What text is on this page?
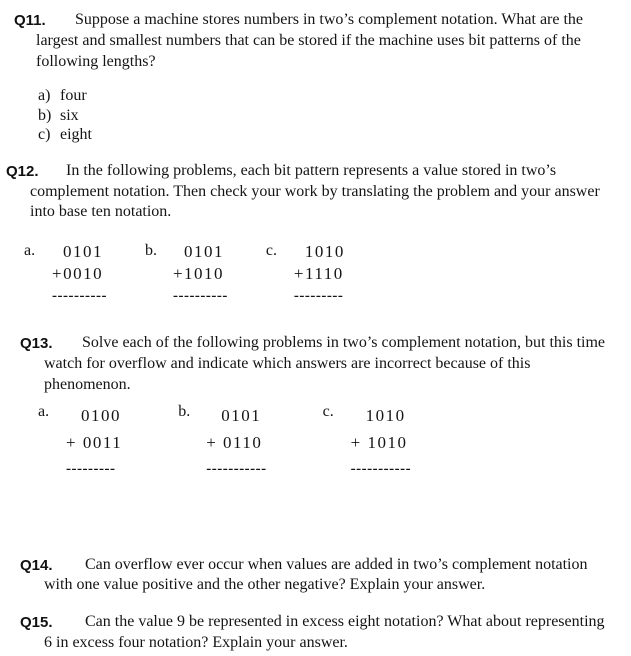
Q11.	Suppose a machine stores numbers in two’s complement notation. What are the largest and smallest numbers that can be stored if the machine uses bit patterns of the following lengths?

a) four
b) six
c) eight
Q12.	In the following problems, each bit pattern represents a value stored in two’s complement notation. Then check your work by translating the problem and your answer into base ten notation.

a.	0101
+0010
----------
b.	0101
+1010
----------
c.	1010
+1110
---------
Q13.	Solve each of the following problems in two’s complement notation, but this time watch for overflow and indicate which answers are incorrect because of this phenomenon.

a.	0100
+ 0011
---------
b.	0101
+ 0110
-----------
c.	1010
+ 1010
-----------
Q14.	Can overflow ever occur when values are added in two’s complement notation with one value positive and the other negative? Explain your answer.

Q15.	Can the value 9 be represented in excess eight notation? What about representing 6 in excess four notation? Explain your answer.
